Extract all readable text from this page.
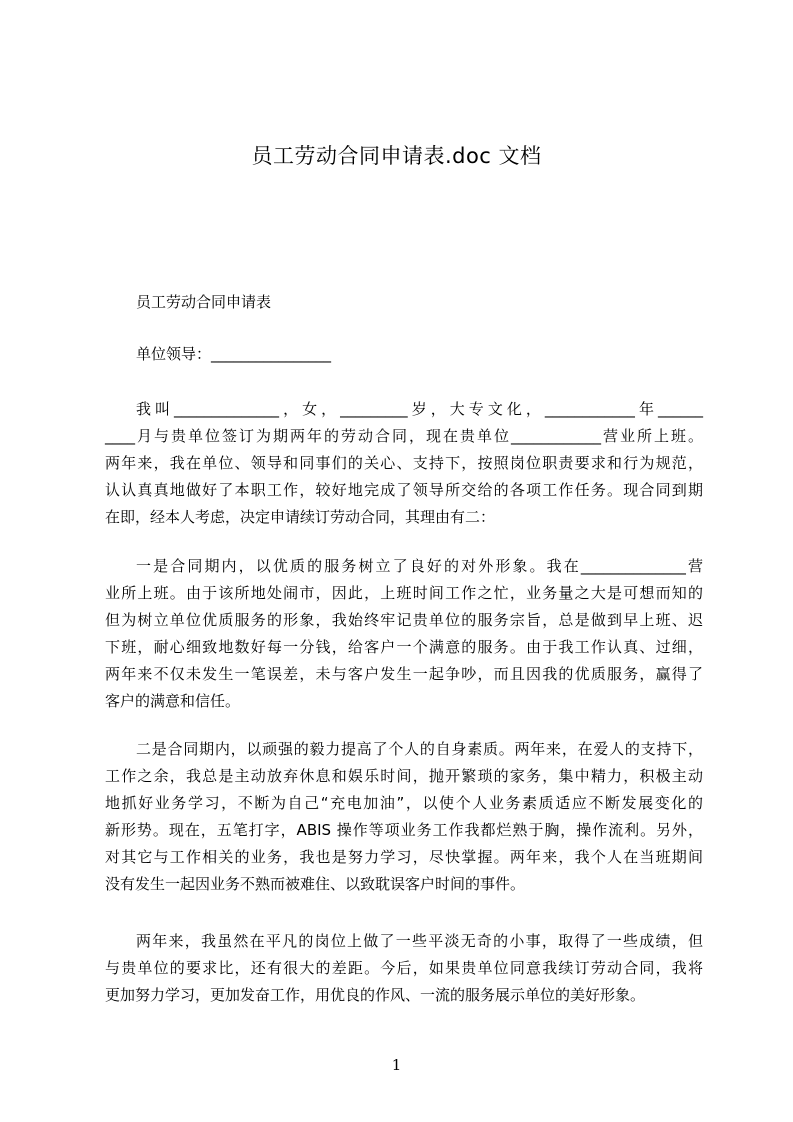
员工劳动合同申请表.doc 文档
员工劳动合同申请表
单位领导：________________
我叫______________，女，_________岁，大专文化，____________年______
____月与贵单位签订为期两年的劳动合同，现在贵单位____________营业所上班。
两年来，我在单位、领导和同事们的关心、支持下，按照岗位职责要求和行为规范，
认认真真地做好了本职工作，较好地完成了领导所交给的各项工作任务。现合同到期
在即，经本人考虑，决定申请续订劳动合同，其理由有二：
一是合同期内，以优质的服务树立了良好的对外形象。我在______________营
业所上班。由于该所地处闹市，因此，上班时间工作之忙，业务量之大是可想而知的
但为树立单位优质服务的形象，我始终牢记贵单位的服务宗旨，总是做到早上班、迟
下班，耐心细致地数好每一分钱，给客户一个满意的服务。由于我工作认真、过细，
两年来不仅未发生一笔误差，未与客户发生一起争吵，而且因我的优质服务，赢得了
客户的满意和信任。
二是合同期内，以顽强的毅力提高了个人的自身素质。两年来，在爱人的支持下，
工作之余，我总是主动放弃休息和娱乐时间，抛开繁琐的家务，集中精力，积极主动
地抓好业务学习，不断为自己“充电加油”，以使个人业务素质适应不断发展变化的
新形势。现在，五笔打字，ABIS 操作等项业务工作我都烂熟于胸，操作流利。另外，
对其它与工作相关的业务，我也是努力学习，尽快掌握。两年来，我个人在当班期间
没有发生一起因业务不熟而被难住、以致耽误客户时间的事件。
两年来，我虽然在平凡的岗位上做了一些平淡无奇的小事，取得了一些成绩，但
与贵单位的要求比，还有很大的差距。今后，如果贵单位同意我续订劳动合同，我将
更加努力学习，更加发奋工作，用优良的作风、一流的服务展示单位的美好形象。
1
